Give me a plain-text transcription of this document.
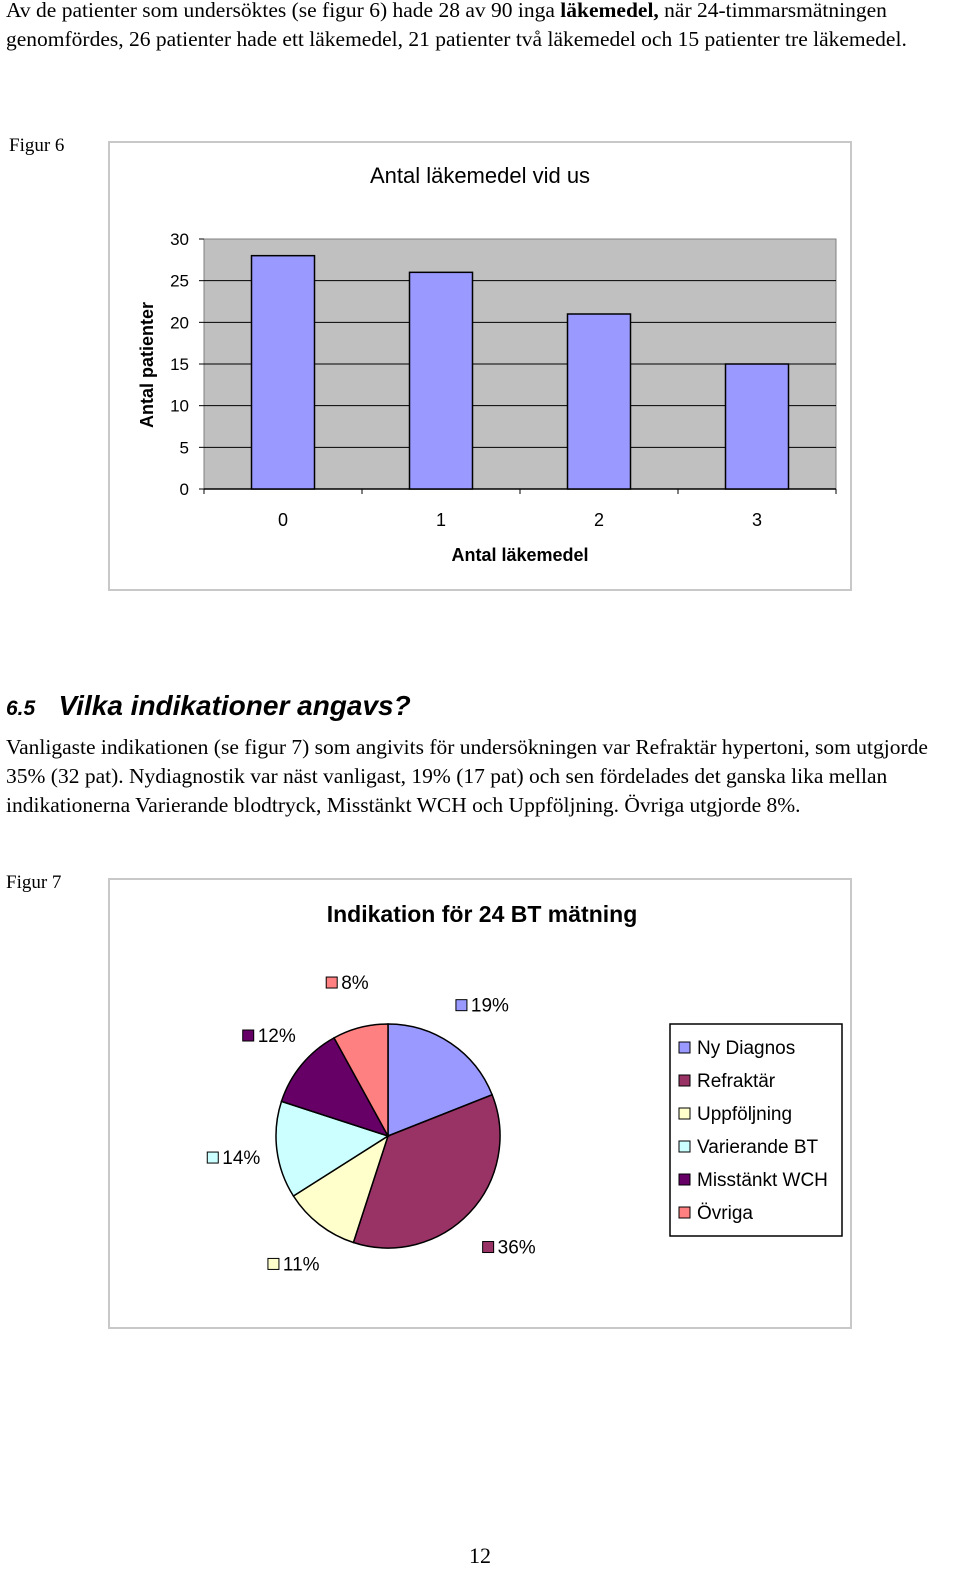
Av de patienter som undersöktes (se figur 6) hade 28 av 90 inga läkemedel, när 24-timmarsmätningen genomfördes, 26 patienter hade ett läkemedel, 21 patienter två läkemedel och 15 patienter tre läkemedel.

Figur 6
Antal läkemedel vid us
0
5
10
15
20
25
30
0	1	2	3
Antal läkemedel
Antal patienter
6.5 Vilka indikationer angavs?

Vanligaste indikationen (se figur 7) som angivits för undersökningen var Refraktär hypertoni, som utgjorde 35% (32 pat). Nydiagnostik var näst vanligast, 19% (17 pat) och sen fördelades det ganska lika mellan indikationerna Varierande blodtryck, Misstänkt WCH och Uppföljning. Övriga utgjorde 8%.

Figur 7
Indikation för 24 BT mätning
19%
36%
11%
14%
12%
8%
Ny Diagnos
Refraktär
Uppföljning
Varierande BT
Misstänkt WCH
Övriga
12
